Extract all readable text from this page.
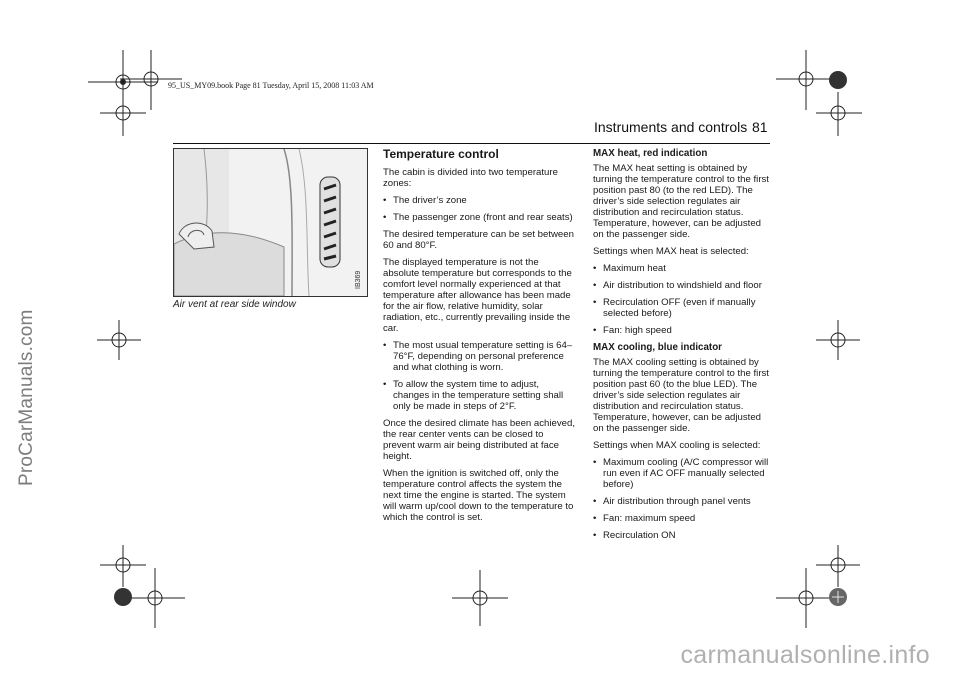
95_US_MY09.book Page 81 Tuesday, April 15, 2008 11:03 AM
ProCarManuals.com
carmanualsonline.info
Instruments and controls 81
IB369
Air vent at rear side window
Temperature control

The cabin is divided into two temperature zones:

• The driver’s zone
• The passenger zone (front and rear seats)

The desired temperature can be set between 60 and 80°F.

The displayed temperature is not the absolute temperature but corresponds to the comfort level normally experienced at that temperature after allowance has been made for the air flow, relative humidity, solar radiation, etc., currently prevailing inside the car.

• The most usual temperature setting is 64–76°F, depending on personal preference and what clothing is worn.
• To allow the system time to adjust, changes in the temperature setting shall only be made in steps of 2°F.

Once the desired climate has been achieved, the rear center vents can be closed to prevent warm air being distributed at face height.

When the ignition is switched off, only the temperature control affects the system the next time the engine is started. The system will warm up/cool down to the temperature to which the control is set.

MAX heat, red indication

The MAX heat setting is obtained by turning the temperature control to the first position past 80 (to the red LED). The driver’s side selection regulates air distribution and recirculation status. Temperature, however, can be adjusted on the passenger side.

Settings when MAX heat is selected:

• Maximum heat
• Air distribution to windshield and floor
• Recirculation OFF (even if manually selected before)
• Fan: high speed
MAX cooling, blue indicator

The MAX cooling setting is obtained by turning the temperature control to the first position past 60 (to the blue LED). The driver’s side selection regulates air distribution and recirculation status. Temperature, however, can be adjusted on the passenger side.

Settings when MAX cooling is selected:

• Maximum cooling (A/C compressor will run even if AC OFF manually selected before)
• Air distribution through panel vents
• Fan: maximum speed
• Recirculation ON
